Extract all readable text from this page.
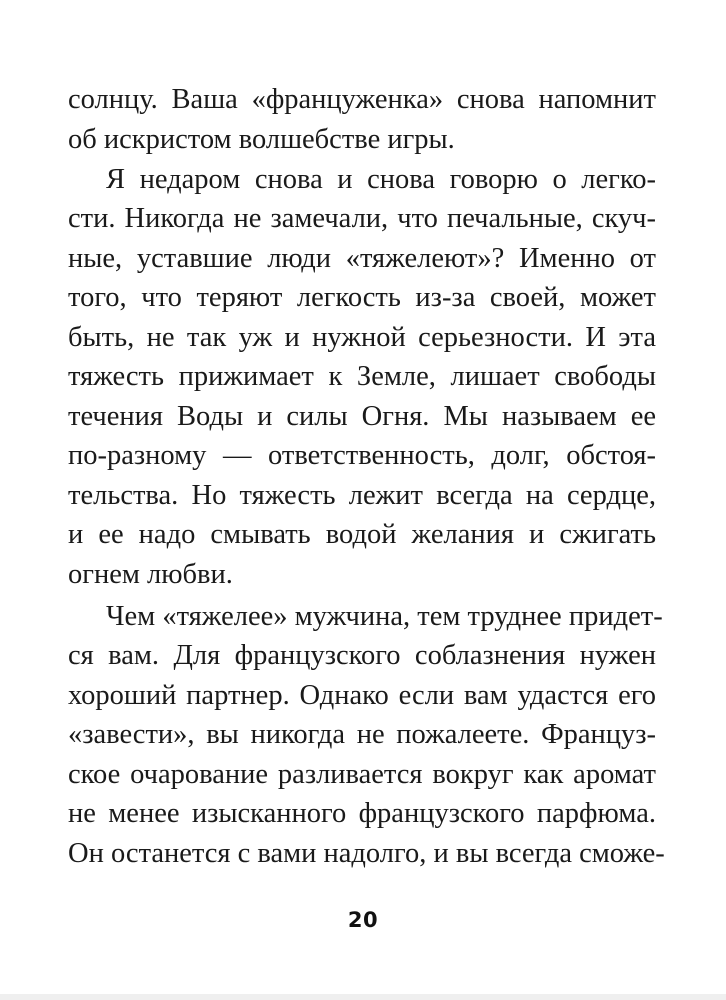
солнцу. Ваша «француженка» снова напомнит
об искристом волшебстве игры.
Я недаром снова и снова говорю о легко-
сти. Никогда не замечали, что печальные, скуч-
ные, уставшие люди «тяжелеют»? Именно от
того, что теряют легкость из-за своей, может
быть, не так уж и нужной серьезности. И эта
тяжесть прижимает к Земле, лишает свободы
течения Воды и силы Огня. Мы называем ее
по-разному — ответственность, долг, обстоя-
тельства. Но тяжесть лежит всегда на сердце,
и ее надо смывать водой желания и сжигать
огнем любви.
Чем «тяжелее» мужчина, тем труднее придет-
ся вам. Для французского соблазнения нужен
хороший партнер. Однако если вам удастся его
«завести», вы никогда не пожалеете. Француз-
ское очарование разливается вокруг как аромат
не менее изысканного французского парфюма.
Он останется с вами надолго, и вы всегда сможе-
20
